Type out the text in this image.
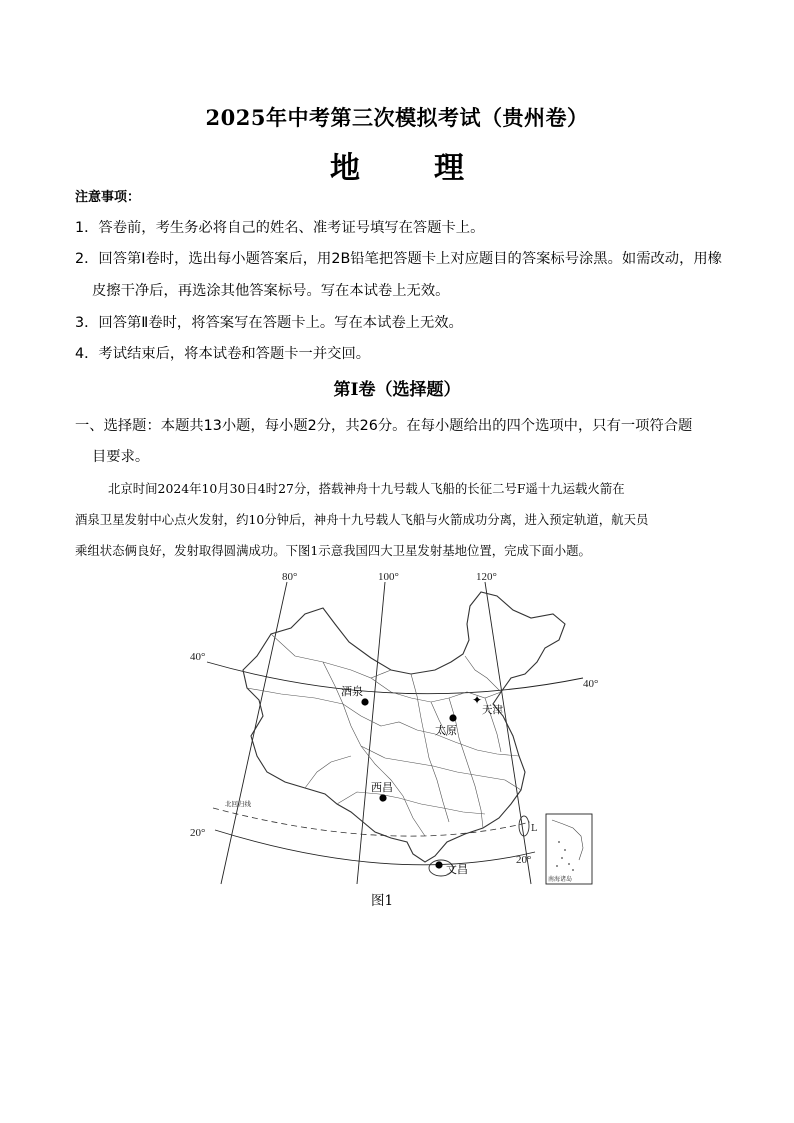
2025年中考第三次模拟考试（贵州卷）
地　理
注意事项：
1．答卷前，考生务必将自己的姓名、准考证号填写在答题卡上。
2．回答第Ⅰ卷时，选出每小题答案后，用2B铅笔把答题卡上对应题目的答案标号涂黑。如需改动，用橡
皮擦干净后，再选涂其他答案标号。写在本试卷上无效。
3．回答第Ⅱ卷时，将答案写在答题卡上。写在本试卷上无效。
4．考试结束后，将本试卷和答题卡一并交回。
第Ⅰ卷（选择题）
一、选择题：本题共13小题，每小题2分，共26分。在每小题给出的四个选项中，只有一项符合题
目要求。
北京时间2024年10月30日4时27分，搭载神舟十九号载人飞船的长征二号F遥十九运载火箭在
酒泉卫星发射中心点火发射，约10分钟后，神舟十九号载人飞船与火箭成功分离，进入预定轨道，航天员
乘组状态俩良好，发射取得圆满成功。下图1示意我国四大卫星发射基地位置，完成下面小题。
南海诸岛
L
80°	100°	120°
40°
40°
20°
20°
北回归线
酒泉
太原
西昌
文昌
✦
天津
图1
